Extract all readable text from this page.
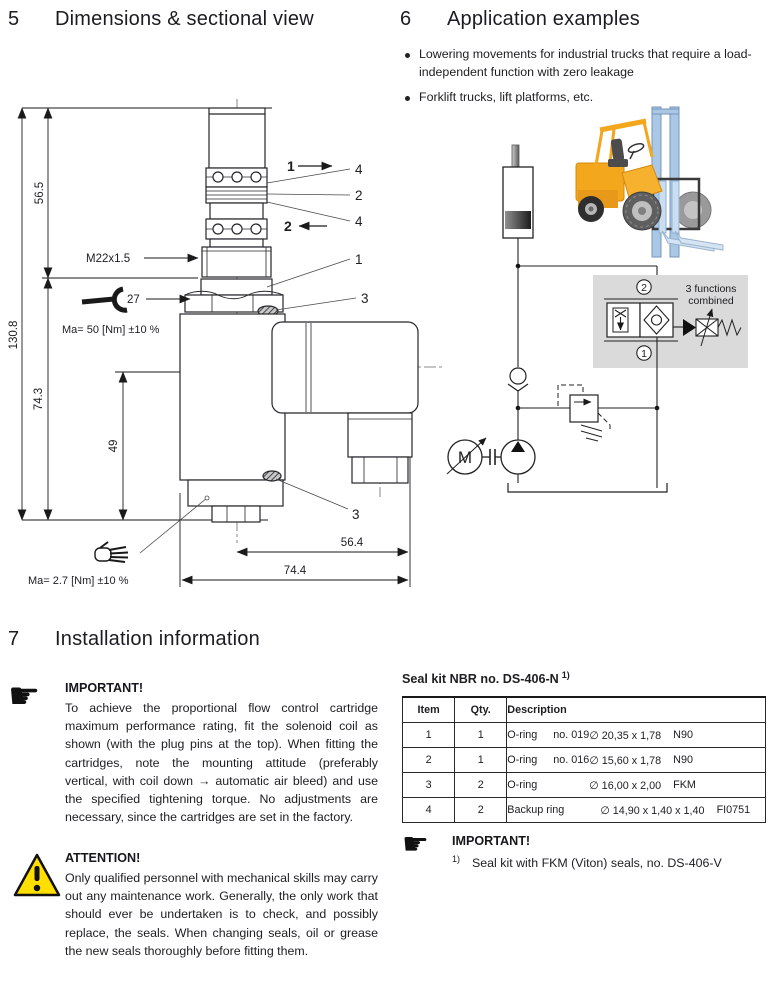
5	Dimensions & sectional view	6	Application examples
Lowering movements for industrial trucks that require a load-independent function with zero leakage
Forklift trucks, lift platforms, etc.
130.8
56.5
74.3
49
56.4
74.4
4
2
4
1
3
3
1
2
M22x1.5
27
Ma= 50 [Nm] ±10 %
Ma= 2.7 [Nm] ±10 %
2
1
M
3 functions
combined
7	Installation information
☛ IMPORTANT!
To achieve the proportional flow control cartridge maximum performance rating, fit the solenoid coil as shown (with the plug pins at the top). When fitting the cartridges, note the mounting attitude (preferably vertical, with coil down → automatic air bleed) and use the specified tightening torque. No adjustments are necessary, since the cartridges are set in the factory.
ATTENTION!
Only qualified personnel with mechanical skills may carry out any maintenance work. Generally, the only work that should ever be undertaken is to check, and possibly replace, the seals. When changing seals, oil or grease the new seals thoroughly before fitting them.
Seal kit NBR no. DS-406-N $^{1)}$
Item	Qty.	Description
1	1	O-ring no. 019 ∅ 20,35 x 1,78 N90

2	1	O-ring no. 016 ∅ 15,60 x 1,78 N90

3	2	O-ring ∅ 16,00 x 2,00 FKM

4	2	Backup ring ∅ 14,90 x 1,40 x 1,40 FI0751
☛ IMPORTANT!
1) Seal kit with FKM (Viton) seals, no. DS-406-V
